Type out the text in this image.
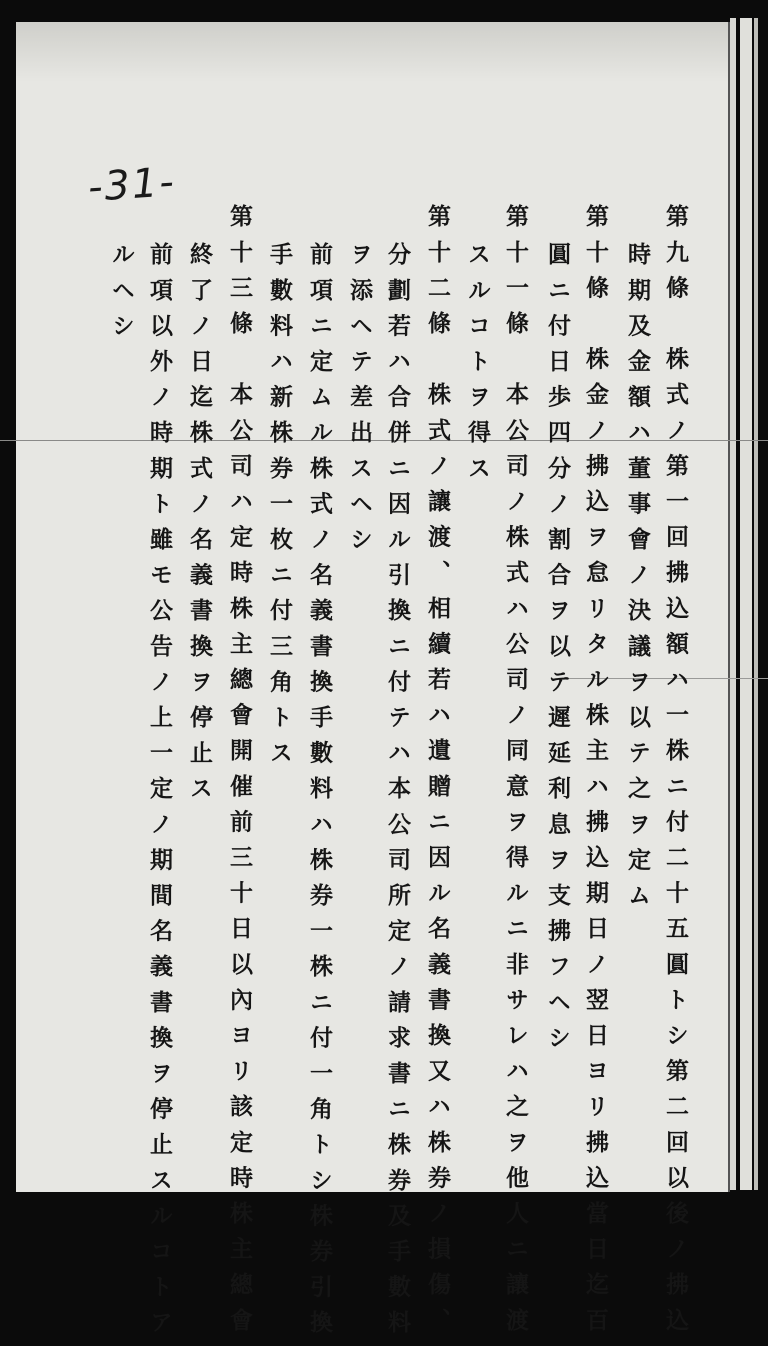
-31-
第九條　株式ノ第一回拂込額ハ一株ニ付二十五圓トシ第二回以後ノ拂込
時期及金額ハ董事會ノ決議ヲ以テ之ヲ定ム
第十條　株金ノ拂込ヲ怠リタル株主ハ拂込期日ノ翌日ヨリ拂込當日迄百
圓ニ付日歩四分ノ割合ヲ以テ遲延利息ヲ支拂フヘシ
第十一條　本公司ノ株式ハ公司ノ同意ヲ得ルニ非サレハ之ヲ他人ニ讓渡
スルコトヲ得ス
第十二條　株式ノ讓渡、相續若ハ遺贈ニ因ル名義書換又ハ株券ノ損傷、
分劃若ハ合併ニ因ル引換ニ付テハ本公司所定ノ請求書ニ株券及手數料
ヲ添ヘテ差出スヘシ
前項ニ定ムル株式ノ名義書換手數料ハ株券一株ニ付一角トシ株券引換
手數料ハ新株券一枚ニ付三角トス
第十三條　本公司ハ定時株主總會開催前三十日以內ヨリ該定時株主總會
終了ノ日迄株式ノ名義書換ヲ停止ス
前項以外ノ時期ト雖モ公告ノ上一定ノ期間名義書換ヲ停止スルコトア
ルヘシ
